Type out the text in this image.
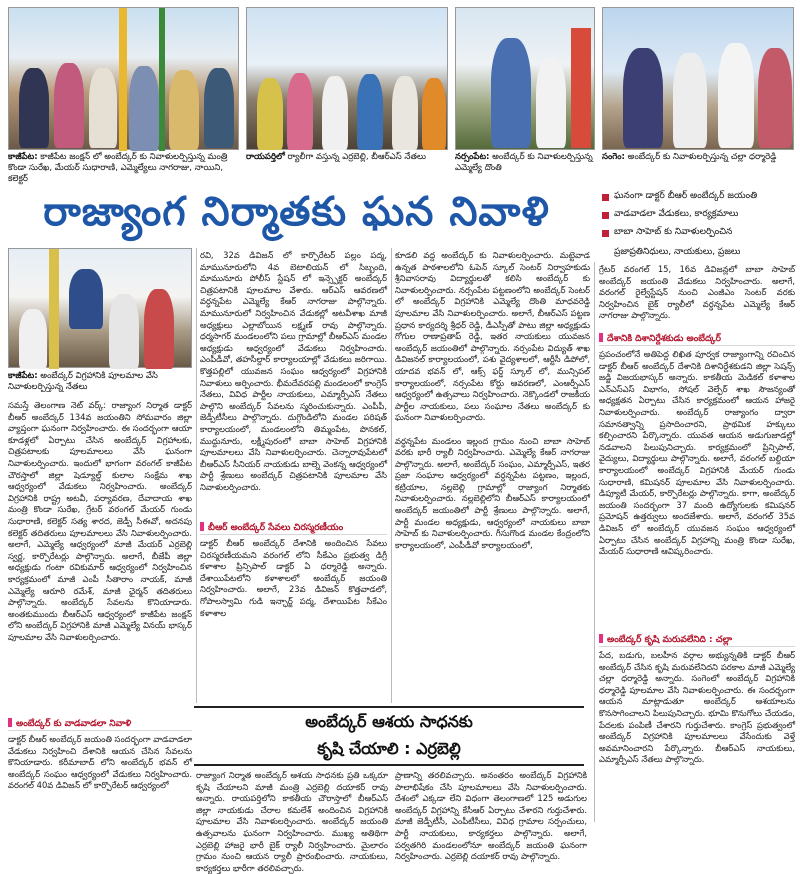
కాజీపేట: కాజీపేట జంక్షన్ లో అంబేద్కర్ కు నివాళులర్పిస్తున్న మంత్రి కొండా సురేఖ, మేయర్ సుధారాణి, ఎమ్మెల్యేలు నాగరాజు, నాయిని, కలెక్టర్
రాయపర్తిలో ర్యాలీగా వస్తున్న ఎర్రబెల్లి, బీఆర్ఎస్ నేతలు	నర్సంపేట: అంబేద్కర్ కు నివాళులర్పిస్తున్న ఎమ్మెల్యే దొంతి
సంగెం: అంబేద్కర్ కు నివాళులర్పిస్తున్న చల్లా ధర్మారెడ్డి
రాజ్యాంగ నిర్మాతకు ఘన నివాళి	ఘనంగా డాక్టర్ బీఆర్ అంబేద్కర్ జయంతి
వాడవాడలా వేడుకలు, కార్యక్రమాలు
బాబా సాహెబ్ కు నివాళులర్పించిన
ప్రజాప్రతినిధులు, నాయకులు, ప్రజలు
కాజీపేట: అంబేద్కర్ విగ్రహానికి పూలమాల వేసి నివాళులర్పిస్తున్న నేతలు
సమస్తే తెలంగాణ నెట్ వర్క్: రాజ్యాంగ నిర్మాత డాక్టర్ బీఆర్ అంబేద్కర్ 134వ జయంతిని సోమవారం జిల్లా వ్యాప్తంగా ఘనంగా నిర్వహించారు. ఈ సందర్భంగా ఆయా కూడళ్లలో ఏర్పాటు చేసిన అంబేద్కర్ విగ్రహాలకు, చిత్రపటాలకు పూలమాలలు వేసి ఘనంగా నివాళులర్పించారు. ఇందులో భాగంగా వరంగల్ కాజీపేట చౌరస్తాలో జిల్లా షెడ్యూల్డ్ కులాల సంక్షేమ శాఖ ఆధ్వర్యంలో వేడుకలు నిర్వహించారు. అంబేద్కర్ విగ్రహానికి రాష్ట్ర అటవీ, పర్యావరణ, దేవాదాయ శాఖ మంత్రి కొండా సురేఖ, గ్రేటర్ వరంగల్ మేయర్ గుండు సుధారాణి, కలెక్టర్ సత్య శారద, జెడ్పీ సీఈవో, అదనపు కలెక్టర్ తదితరులు పూలమాలలు వేసి నివాళులర్పించారు. అలాగే, ఎమ్మెల్యే ఆధ్వర్యంలో మాజీ మేయర్ ఎర్రబెల్లి స్వర్ణ, కార్పొరేటర్లు పాల్గొన్నారు. అలాగే, బీజేపీ జిల్లా అధ్యక్షుడు గంటా రవికుమార్ ఆధ్వర్యంలో నిర్వహించిన కార్యక్రమంలో మాజీ ఎంపీ సీతారాం నాయక్, మాజీ ఎమ్మెల్యే ఆరూరి రమేశ్, మాజీ ఛైర్మన్ తదితరులు పాల్గొన్నారు. అంబేద్కర్ సేవలను కొనియాడారు. అంతకుముందు బీఆర్ఎస్ ఆధ్వర్యంలో కాజీపేట జంక్షన్ లోని అంబేద్కర్ విగ్రహానికి మాజీ ఎమ్మెల్యే వినయ్ భాస్కర్ పూలమాల వేసి నివాళులర్పించారు.
అంబేద్కర్ కు వాడవాడలా నివాళి
డాక్టర్ బీఆర్ అంబేద్కర్ జయంతి సందర్భంగా వాడవాడలా వేడుకలు నిర్వహించి దేశానికి ఆయన చేసిన సేవలను కొనియాడారు. కరీమాబాద్ లోని అంబేద్కర్ భవన్ లో అంబేద్కర్ సంఘం ఆధ్వర్యంలో వేడుకలు నిర్వహించారు. వరంగల్ 40వ డివిజన్ లో కార్పొరేటర్ ఆధ్వర్యంలో
రవి, 32వ డివిజన్ లో కార్పొరేటర్ పల్లం పద్మ, మామునూరులోని 4వ బెటాలియన్ లో సిబ్బంది, మామునూరు పోలీస్ స్టేషన్ లో ఇన్స్పెక్టర్ అంబేద్కర్ చిత్రపటానికి పూలమాల వేశారు. ఆర్ఎస్ ఆవరణలో వర్ధన్నపేట ఎమ్మెల్యే కేఆర్ నాగరాజు పాల్గొన్నారు. మామునూరులో నిర్వహించిన వేడుకల్లో అటవీశాఖ మాజీ అధ్యక్షులు ఎల్లాబోయిన లక్ష్మణ్ రావు పాల్గొన్నారు. ధర్మసాగర్ మండలంలోని పలు గ్రామాల్లో బీఆర్ఎస్ మండల అధ్యక్షుడు ఆధ్వర్యంలో వేడుకలు నిర్వహించారు. ఎంపీడీవో, తహసీల్దార్ కార్యాలయాల్లో వేడుకలు జరిగాయి. కొత్తపల్లిలో యువజన సంఘం ఆధ్వర్యంలో విగ్రహానికి నివాళులు అర్పించారు. భీమదేవరపల్లి మండలంలో కాంగ్రెస్ నేతలు, వివిధ పార్టీల నాయకులు, ఎమ్మార్పీఎస్ నేతలు పాల్గొని అంబేద్కర్ సేవలను స్మరించుకున్నారు. ఎంపీపీ, జెడ్పీటీసీలు పాల్గొన్నారు. దుగ్గొండిలోని మండల పరిషత్ కార్యాలయంలో, మండలంలోని తిమ్మంపేట, పొనకల్, ముద్దునూరు, లక్ష్మీపురంలో బాబా సాహెబ్ విగ్రహానికి పూలమాలలు వేసి నివాళులర్పించారు. చెన్నారావుపేటలో బీఆర్ఎస్ సీనియర్ నాయకుడు బాల్నె వెంకన్న ఆధ్వర్యంలో పార్టీ శ్రేణులు అంబేద్కర్ చిత్రపటానికి పూలమాల వేసి నివాళులర్పించారు.
బీఆర్ అంబేద్కర్ సేవలు చిరస్మరణీయం
డాక్టర్ బీఆర్ అంబేద్కర్ దేశానికి అందించిన సేవలు చిరస్మరణీయమని వరంగల్ లోని సీకేఎం ప్రభుత్వ డిగ్రీ కళాశాల ప్రిన్సిపాల్ డాక్టర్ ఏ ధర్మారెడ్డి అన్నారు. దేశాయిపేటలోని కళాశాలలో అంబేద్కర్ జయంతి నిర్వహించారు. అలాగే, 23వ డివిజన్ కొత్తవాడలో, గోపాలస్వామి గుడి ఇన్ఛార్జ్ పద్మ, దేశాయిపేట సీకేఎం కళాశాల
కూడలి వద్ద అంబేద్కర్ కు నివాళులర్పించారు. మట్టెవాడ ఉన్నత పాఠశాలలోని ఓపెన్ స్కూల్ సెంటర్ నిర్వాహకుడు శ్రీనివాసరావు విద్యార్థులతో కలిసి అంబేద్కర్ కు నివాళులర్పించారు. నర్సంపేట పట్టణంలోని అంబేద్కర్ సెంటర్ లో అంబేద్కర్ విగ్రహానికి ఎమ్మెల్యే దొంతి మాధవరెడ్డి పూలమాల వేసి నివాళులర్పించారు. అలాగే, బీఆర్ఎస్ పట్టణ ప్రధాన కార్యదర్శి శ్రీధర్ రెడ్డి, డీఎస్పీతో పాటు జిల్లా అధ్యక్షుడు గోగుల రాణాప్రతాప్ రెడ్డి, ఇతర నాయకులు యువజన అంబేద్కర్ జయంతిలో పాల్గొన్నారు. నర్సంపేట విద్యుత్ శాఖ డివిజనల్ కార్యాలయంలో, పశు వైద్యశాలలో, ఆర్టీసీ డిపోలో, యాదవ భవన్ లో, ఆక్స్ ఫర్డ్ స్కూల్ లో, మున్సిపల్ కార్యాలయంలో, నర్సంపేట కోర్టు ఆవరణలో, ఎంఆర్పీఎస్ ఆధ్వర్యంలో ఉత్సవాలు నిర్వహించారు. నెక్కొండలో రాజకీయ పార్టీల నాయకులు, పలు సంఘాల నేతలు అంబేద్కర్ కు ఘనంగా నివాళులర్పించారు.

వర్ధన్నపేట మండలం ఇల్లంద గ్రామం నుంచి బాబా సాహెబ్ వరకు భారీ ర్యాలీ నిర్వహించారు. ఎమ్మెల్యే కేఆర్ నాగరాజు పాల్గొన్నారు. అలాగే, అంబేద్కర్ సంఘం, ఎమ్మార్పీఎస్, ఇతర ప్రజా సంఘాల ఆధ్వర్యంలో వర్ధన్నపేట పట్టణం, ఇల్లంద, కట్రియాల, నల్లబెల్లి గ్రామాల్లో రాజ్యాంగ నిర్మాతకు నివాళులర్పించారు. నల్లబెల్లిలోని బీఆర్ఎస్ కార్యాలయంలో అంబేద్కర్ జయంతిలో పార్టీ శ్రేణులు పాల్గొన్నారు. అలాగే, పార్టీ మండల అధ్యక్షుడు, ఆధ్వర్యంలో నాయకులు బాబా సాహెబ్ కు నివాళులర్పించారు. గీసుగొండ మండల కేంద్రంలోని కార్యాలయంలో, ఎంపీడీవో కార్యాలయంలో,
గ్రేటర్ వరంగల్ 15, 16వ డివిజన్లలో బాబా సాహెబ్ అంబేద్కర్ జయంతి వేడుకలు నిర్వహించారు. అలాగే, వరంగల్ రైల్వేస్టేషన్ నుంచి ఎంజీఎం సెంటర్ వరకు నిర్వహించిన బైక్ ర్యాలీలో వర్ధన్నపేట ఎమ్మెల్యే కేఆర్ నాగరాజు పాల్గొన్నారు.
దేశానికి దిశానిర్దేశకుడు అంబేద్కర్
ప్రపంచంలోనే అతిపెద్ద లిఖిత పూర్వక రాజ్యాంగాన్ని రచించిన డాక్టర్ బీఆర్ అంబేద్కర్ దేశానికి దిశానిర్దేశకుడని జిల్లా సెషన్స్ జడ్జి విజయభాస్కర్ అన్నారు. కాకతీయ మెడికల్ కళాశాల ఎన్ఎస్ఎస్ విభాగం, సోషల్ వెల్ఫేర్ శాఖ సౌజన్యంతో అధ్యక్షతన ఏర్పాటు చేసిన కార్యక్రమంలో ఆయన హాజరై నివాళులర్పించారు. అంబేద్కర్ రాజ్యాంగం ద్వారా సమానత్వాన్ని ప్రసాదించారని, ప్రాథమిక హక్కులు కల్పించారని పేర్కొన్నారు. యువత ఆయన అడుగుజాడల్లో నడవాలని పిలుపునిచ్చారు. కార్యక్రమంలో ప్రిన్సిపాల్, వైద్యులు, విద్యార్థులు పాల్గొన్నారు. అలాగే, వరంగల్ బల్దియా కార్యాలయంలో అంబేద్కర్ విగ్రహానికి మేయర్ గుండు సుధారాణి, కమిషనర్ పూలమాల వేసి నివాళులర్పించారు. డిప్యూటీ మేయర్, కార్పొరేటర్లు పాల్గొన్నారు. కాగా, అంబేద్కర్ జయంతి సందర్భంగా 37 మంది ఉద్యోగులకు కమిషనర్ ప్రమోషన్ ఉత్తర్వులు అందజేశారు. అలాగే, వరంగల్ 35వ డివిజన్ లో అంబేద్కర్ యువజన సంఘం ఆధ్వర్యంలో ఏర్పాటు చేసిన అంబేద్కర్ విగ్రహాన్ని మంత్రి కొండా సురేఖ, మేయర్ సుధారాణి ఆవిష్కరించారు.
అంబేద్కర్ కృషి మరువలేనిది : చల్లా
పేద, బడుగు, బలహీన వర్గాల అభ్యున్నతికి డాక్టర్ బీఆర్ అంబేద్కర్ చేసిన కృషి మరువలేనిదని పరకాల మాజీ ఎమ్మెల్యే చల్లా ధర్మారెడ్డి అన్నారు. సంగెంలో అంబేద్కర్ విగ్రహానికి ధర్మారెడ్డి పూలమాల వేసి నివాళులర్పించారు. ఈ సందర్భంగా ఆయన మాట్లాడుతూ అంబేద్కర్ ఆశయాలను కొనసాగించాలని పిలుపునిచ్చారు. భూమి కొనుగోలు చేయడం, పేదలకు పంపిణీ చేశారని గుర్తుచేశారు. కాంగ్రెస్ ప్రభుత్వంలో అంబేద్కర్ విగ్రహానికి పూలమాలలు వేసేందుకు వెళ్తే అవమానించారని పేర్కొన్నారు. బీఆర్ఎస్ నాయకులు, ఎమ్మార్పీఎస్ నేతలు పాల్గొన్నారు.
అంబేద్కర్ ఆశయ సాధనకు
కృషి చేయాలి : ఎర్రబెల్లి
రాజ్యాంగ నిర్మాత అంబేద్కర్ ఆశయ సాధనకు ప్రతి ఒక్కరూ కృషి చేయాలని మాజీ మంత్రి ఎర్రబెల్లి దయాకర్ రావు అన్నారు. రాయపర్తిలోని కాకతీయ చౌరాస్తాలో బీఆర్ఎస్ జిల్లా నాయకుడు చేరాల కమలేశ్ అందించిన విగ్రహానికి పూలమాల వేసి నివాళులర్పించారు. అంబేద్కర్ జయంతి ఉత్సవాలను ఘనంగా నిర్వహించారు. ముఖ్య అతిథిగా ఎర్రబెల్లి హాజరై భారీ బైక్ ర్యాలీ నిర్వహించారు. మైలారం గ్రామం నుంచి ఆయన ర్యాలీ ప్రారంభించారు. నాయకులు, కార్యకర్తలు భారీగా తరలివచ్చారు.
ప్రాణాన్ని తరలివచ్చారు. అనంతరం అంబేద్కర్ విగ్రహానికి పాలాభిషేకం చేసి పూలమాలలు వేసి నివాళులర్పించారు. దేశంలో ఎక్కడా లేని విధంగా తెలంగాణలో 125 అడుగుల అంబేద్కర్ విగ్రహాన్ని కేసీఆర్ ఏర్పాటు చేశారని గుర్తుచేశారు. మాజీ జెడ్పీటీసీ, ఎంపీటీసీలు, వివిధ గ్రామాల సర్పంచులు, పార్టీ నాయకులు, కార్యకర్తలు పాల్గొన్నారు. అలాగే, పర్వతగిరి మండలంలోనూ అంబేద్కర్ జయంతి ఘనంగా నిర్వహించారు. ఎర్రబెల్లి దయాకర్ రావు పాల్గొన్నారు.
